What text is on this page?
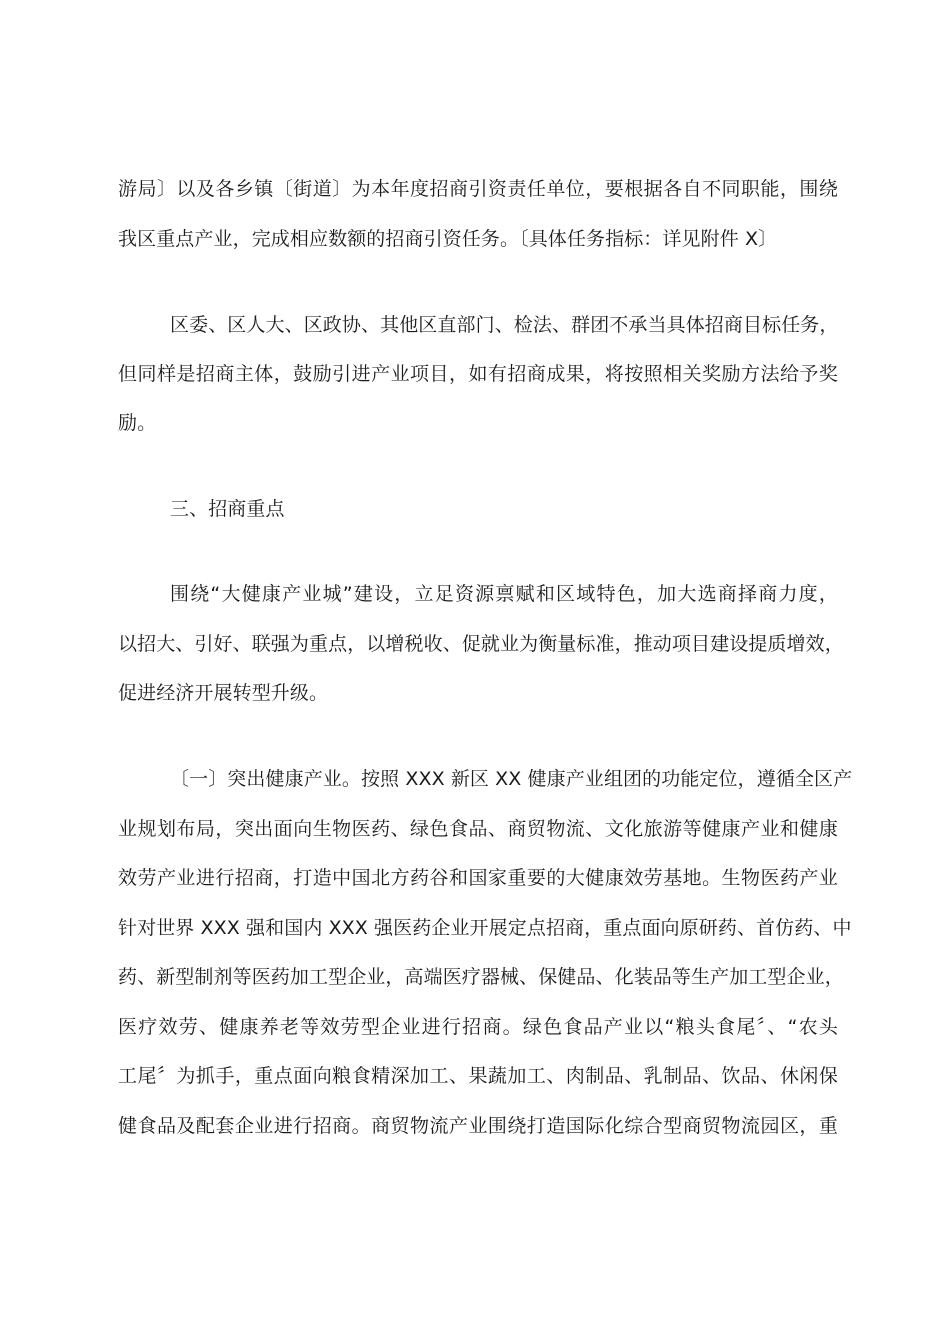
游局〕以及各乡镇〔街道〕为本年度招商引资责任单位，要根据各自不同职能，围绕
我区重点产业，完成相应数额的招商引资任务。〔具体任务指标：详见附件 X〕
区委、区人大、区政协、其他区直部门、检法、群团不承当具体招商目标任务，
但同样是招商主体，鼓励引进产业项目，如有招商成果，将按照相关奖励方法给予奖
励。
三、招商重点
围绕“大健康产业城”建设，立足资源禀赋和区域特色，加大选商择商力度，
以招大、引好、联强为重点，以增税收、促就业为衡量标准，推动项目建设提质增效，
促进经济开展转型升级。
〔一〕突出健康产业。按照 XXX 新区 XX 健康产业组团的功能定位，遵循全区产
业规划布局，突出面向生物医药、绿色食品、商贸物流、文化旅游等健康产业和健康
效劳产业进行招商，打造中国北方药谷和国家重要的大健康效劳基地。生物医药产业
针对世界 XXX 强和国内 XXX 强医药企业开展定点招商，重点面向原研药、首仿药、中
药、新型制剂等医药加工型企业，高端医疗器械、保健品、化装品等生产加工型企业，
医疗效劳、健康养老等效劳型企业进行招商。绿色食品产业以“粮头食尾〞、“农头
工尾〞为抓手，重点面向粮食精深加工、果蔬加工、肉制品、乳制品、饮品、休闲保
健食品及配套企业进行招商。商贸物流产业围绕打造国际化综合型商贸物流园区，重
